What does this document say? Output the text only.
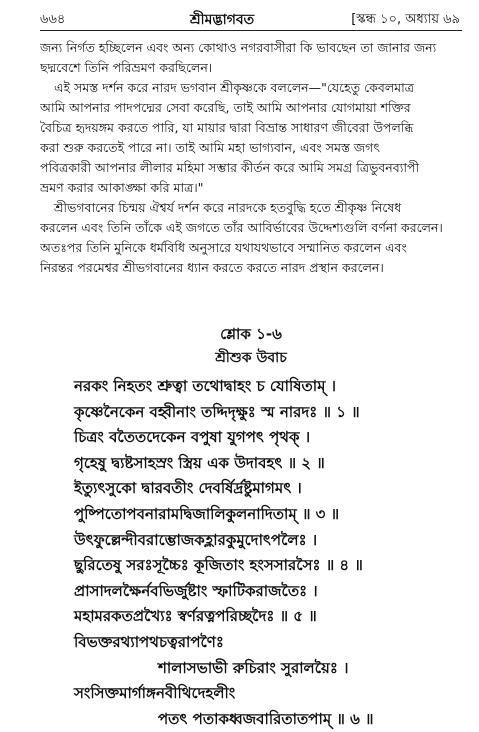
৬৬৪	শ্রীমদ্ভাগবত	[স্কন্ধ ১০, অধ্যায় ৬৯

জন্য নির্গত হচ্ছিলেন এবং অন্য কোথাও নগরবাসীরা কি ভাবছেন তা জানার জন্য
ছদ্মবেশে তিনি পরিভ্রমণ করছিলেন।

এই সমস্ত দর্শন করে নারদ ভগবান শ্রীকৃষ্ণকে বললেন—"যেহেতু কেবলমাত্র
আমি আপনার পাদপদ্মের সেবা করেছি, তাই আমি আপনার যোগমায়া শক্তির
বৈচিত্র হৃদয়ঙ্গম করতে পারি, যা মায়ার দ্বারা বিভ্রান্ত সাধারণ জীবেরা উপলব্ধি
করা শুরু করতেই পারে না। তাই আমি মহা ভাগ্যবান, এবং সমস্ত জগৎ
পবিত্রকারী আপনার লীলার মহিমা সম্ভার কীর্তন করে আমি সমগ্র ত্রিভুবনব্যাপী
ভ্রমণ করার আকাঙ্ক্ষা করি মাত্র।"

শ্রীভগবানের চিন্ময় ঐশ্বর্য দর্শন করে নারদকে হতবুদ্ধি হতে শ্রীকৃষ্ণ নিষেধ
করলেন এবং তিনি তাঁকে এই জগতে তাঁর আবির্ভাবের উদ্দেশ্যগুলি বর্ণনা করলেন।
অতঃপর তিনি মুনিকে ধর্মবিধি অনুসারে যথাযথভাবে সম্মানিত করলেন এবং
নিরন্তর পরমেশ্বর শ্রীভগবানের ধ্যান করতে করতে নারদ প্রস্থান করলেন।

শ্লোক ১-৬
শ্রীশুক উবাচ
নরকং নিহতং শ্রুত্বা তথোদ্বাহং চ যোষিতাম্ ।
কৃষ্ণেনৈকেন বহ্বীনাং তদ্দিদৃক্ষুঃ স্ম নারদঃ ॥ ১ ॥
চিত্রং বতৈতদেকেন বপুষা যুগপৎ পৃথক্ ।
গৃহেষু দ্ব্যষ্টসাহস্রং স্ত্রিয় এক উদাবহৎ ॥ ২ ॥
ইত্যুৎসুকো দ্বারবতীং দেবর্ষির্দ্রষ্টুমাগমৎ ।
পুষ্পিতোপবনারামদ্বিজালিকুলনাদিতাম্ ॥ ৩ ॥
উৎফুল্লেন্দীবরাম্ভোজকহ্লারকুমুদোৎপলৈঃ ।
ছুরিতেষু সরঃসূচ্চৈঃ কূজিতাং হংসসারসৈঃ ॥ ৪ ॥
প্রাসাদলক্ষৈর্নবভির্জুষ্টাং স্ফাটিকরাজতৈঃ ।
মহামরকতপ্রখ্যৈঃ স্বর্ণরত্নপরিচ্ছদৈঃ ॥ ৫ ॥
বিভক্তরথ্যাপথচত্বরাপণৈঃ
শালাসভাভী রুচিরাং সুরালয়ৈঃ ।
সংসিক্তমার্গাঙ্গনবীথিদেহলীং
পতৎ পতাকধ্বজবারিতাতপাম্ ॥ ৬ ॥
